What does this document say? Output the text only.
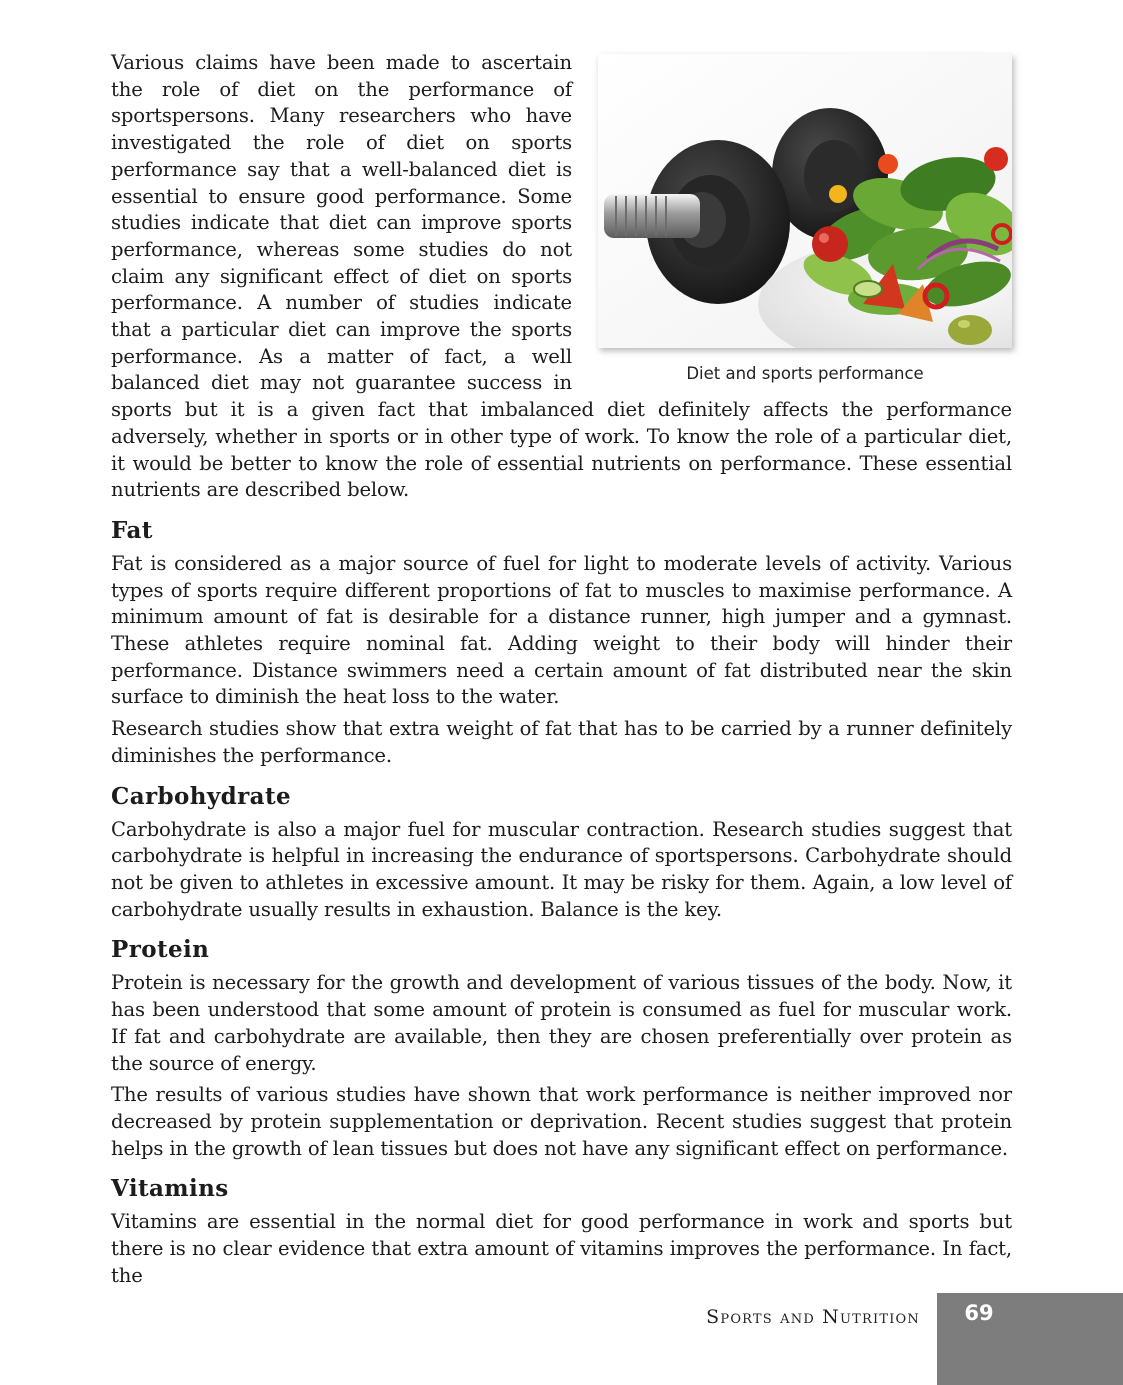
Diet and sports performance

Various claims have been made to ascertain the role of diet on the performance of sportspersons. Many researchers who have investigated the role of diet on sports performance say that a well-balanced diet is essential to ensure good performance. Some studies indicate that diet can improve sports performance, whereas some studies do not claim any significant effect of diet on sports performance. A number of studies indicate that a particular diet can improve the sports performance. As a matter of fact, a well balanced diet may not guarantee success in sports but it is a given fact that imbalanced diet definitely affects the performance adversely, whether in sports or in other type of work. To know the role of a particular diet, it would be better to know the role of essential nutrients on performance. These essential nutrients are described below.

Fat

Fat is considered as a major source of fuel for light to moderate levels of activity. Various types of sports require different proportions of fat to muscles to maximise performance. A minimum amount of fat is desirable for a distance runner, high jumper and a gymnast. These athletes require nominal fat. Adding weight to their body will hinder their performance. Distance swimmers need a certain amount of fat distributed near the skin surface to diminish the heat loss to the water.

Research studies show that extra weight of fat that has to be carried by a runner definitely diminishes the performance.

Carbohydrate

Carbohydrate is also a major fuel for muscular contraction. Research studies suggest that carbohydrate is helpful in increasing the endurance of sportspersons. Carbohydrate should not be given to athletes in excessive amount. It may be risky for them. Again, a low level of carbohydrate usually results in exhaustion. Balance is the key.

Protein

Protein is necessary for the growth and development of various tissues of the body. Now, it has been understood that some amount of protein is consumed as fuel for muscular work. If fat and carbohydrate are available, then they are chosen preferentially over protein as the source of energy.

The results of various studies have shown that work performance is neither improved nor decreased by protein supplementation or deprivation. Recent studies suggest that protein helps in the growth of lean tissues but does not have any significant effect on performance.

Vitamins

Vitamins are essential in the normal diet for good performance in work and sports but there is no clear evidence that extra amount of vitamins improves the performance. In fact, the

Sports and Nutrition	69
